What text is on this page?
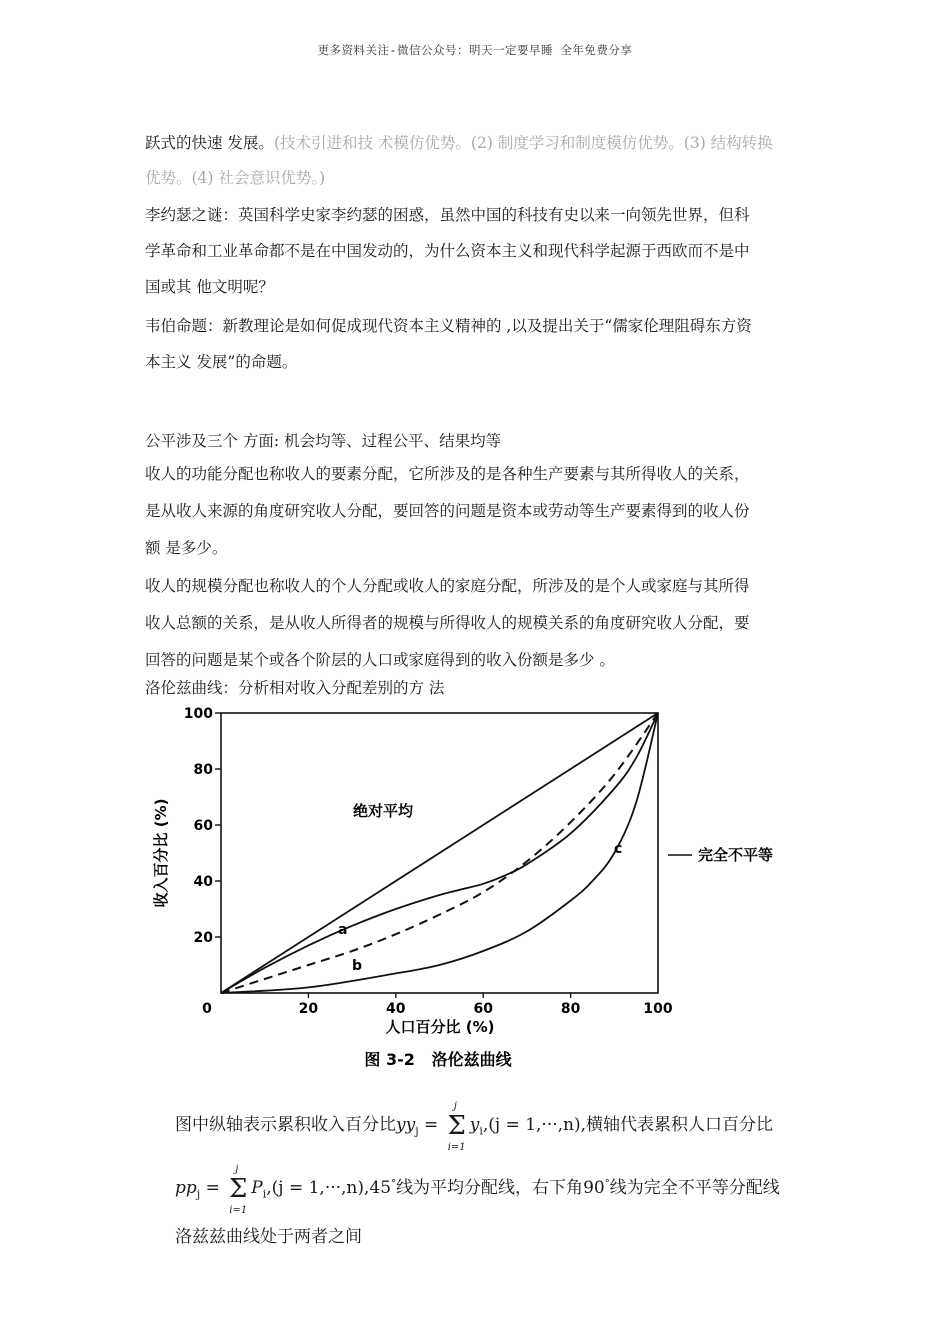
更多资料关注-微信公众号：明天一定要早睡 全年免费分享
跃式的快速 发展。(技术引进和技 术模仿优势。(2) 制度学习和制度模仿优势。(3) 结构转换
优势。(4) 社会意识优势。)
李约瑟之谜：英国科学史家李约瑟的困惑，虽然中国的科技有史以来一向领先世界，但科
学革命和工业革命都不是在中国发动的，为什么资本主义和现代科学起源于西欧而不是中
国或其 他文明呢？
韦伯命题：新教理论是如何促成现代资本主义精神的 ,以及提出关于“儒家伦理阻碍东方资
本主义 发展”的命题。
公平涉及三个 方面: 机会均等、过程公平、结果均等
收人的功能分配也称收人的要素分配，它所涉及的是各种生产要素与其所得收人的关系，
是从收人来源的角度研究收人分配，要回答的问题是资本或劳动等生产要素得到的收人份
额 是多少。
收人的规模分配也称收人的个人分配或收人的家庭分配，所涉及的是个人或家庭与其所得
收人总额的关系，是从收人所得者的规模与所得收人的规模关系的角度研究收人分配，要
回答的问题是某个或各个阶层的人口或家庭得到的收入份额是多少 。
洛伦兹曲线：分析相对收入分配差别的方 法
20
40
60
80
100
0	20	40	60	80	100
绝对平均
完全不平等
a
b
c
人口百分比 (%)
收入百分比 (%)
图 3-2   洛伦兹曲线
图中纵轴表示累积收入百分比$yy_j$ =
j
Σ
i=1
$y_i,(j = 1,\cdot\cdot\cdot,n)$,横轴代表累积人口百分比
$pp_j$ =
j
Σ
i=1
$P_i,(j = 1,\cdot\cdot\cdot,n),45^\circ$线为平均分配线，右下角90°线为完全不平等分配线
洛兹兹曲线处于两者之间
